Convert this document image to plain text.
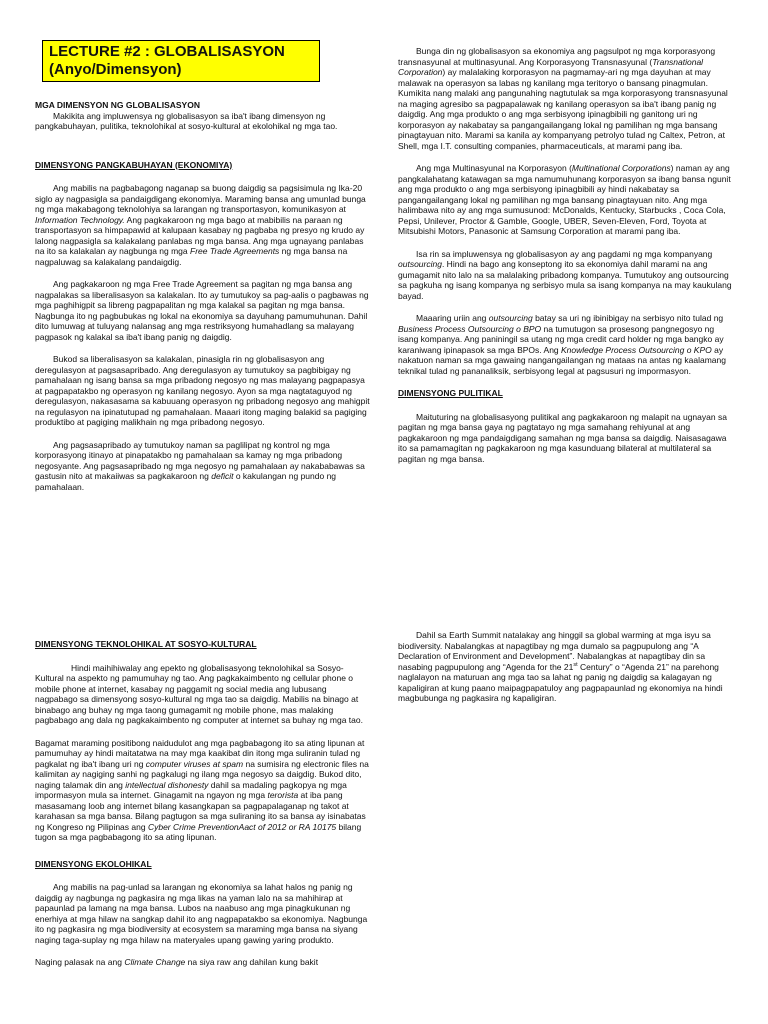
LECTURE #2 : GLOBALISASYON
(Anyo/Dimensyon)
MGA DIMENSYON NG GLOBALISASYON

Makikita ang impluwensya ng globalisasyon sa iba't ibang dimensyon ng pangkabuhayan, pulitika, teknolohikal at sosyo-kultural at ekolohikal ng mga tao.

DIMENSYONG PANGKABUHAYAN (EKONOMIYA)

Ang mabilis na pagbabagong naganap sa buong daigdig sa pagsisimula ng Ika-20 siglo ay nagpasigla sa pandaigdigang ekonomiya. Maraming bansa ang umunlad bunga ng mga makabagong teknolohiya sa larangan ng transportasyon, komunikasyon at Information Technology. Ang pagkakaroon ng mga bago at mabibilis na paraan ng transportasyon sa himpapawid at kalupaan kasabay ng pagbaba ng presyo ng krudo ay lalong nagpasigla sa kalakalang panlabas ng mga bansa. Ang mga ugnayang panlabas na ito sa kalakalan ay nagbunga ng mga Free Trade Agreements ng mga bansa na nagpaluwag sa kalakalang pandaigdig.

Ang pagkakaroon ng mga Free Trade Agreement sa pagitan ng mga bansa ang nagpalakas sa liberalisasyon sa kalakalan. Ito ay tumutukoy sa pag-aalis o pagbawas ng mga paghihigpit sa libreng pagpapalitan ng mga kalakal sa pagitan ng mga bansa. Nagbunga ito ng pagbubukas ng lokal na ekonomiya sa dayuhang pamumuhunan. Dahil dito lumuwag at tuluyang nalansag ang mga restriksyong humahadlang sa malayang pagpasok ng kalakal sa iba't ibang panig ng daigdig.

Bukod sa liberalisasyon sa kalakalan, pinasigla rin ng globalisasyon ang deregulasyon at pagsasapribado. Ang deregulasyon ay tumutukoy sa pagbibigay ng pamahalaan ng isang bansa sa mga pribadong negosyo ng mas malayang pagpapasya at pagpapatakbo ng operasyon ng kanilang negosyo. Ayon sa mga nagtataguyod ng deregulasyon, nakasasama sa kabuuang operasyon ng pribadong negosyo ang mahigpit na regulasyon na ipinatutupad ng pamahalaan. Maaari itong maging balakid sa pagiging produktibo at pagiging malikhain ng mga pribadong negosyo.

Ang pagsasapribado ay tumutukoy naman sa paglilipat ng kontrol ng mga korporasyong itinayo at pinapatakbo ng pamahalaan sa kamay ng mga pribadong negosyante. Ang pagsasapribado ng mga negosyo ng pamahalaan ay nakababawas sa gastusin nito at makaiiwas sa pagkakaroon ng deficit o kakulangan ng pundo ng pamahalaan.

Bunga din ng globalisasyon sa ekonomiya ang pagsulpot ng mga korporasyong transnasyunal at multinasyunal. Ang Korporasyong Transnasyunal (Transnational Corporation) ay malalaking korporasyon na pagmamay-ari ng mga dayuhan at may malawak na operasyon sa labas ng kanilang mga teritoryo o bansang pinagmulan. Kumikita nang malaki ang pangunahing nagtutulak sa mga korporasyong transnasyunal na maging agresibo sa pagpapalawak ng kanilang operasyon sa iba't ibang panig ng daigdig. Ang mga produkto o ang mga serbisyong ipinagbibili ng ganitong uri ng korporasyon ay nakabatay sa pangangailangang lokal ng pamilihan ng mga bansang pinagtayuan nito. Marami sa kanila ay kompanyang petrolyo tulad ng Caltex, Petron, at Shell, mga I.T. consulting companies, pharmaceuticals, at marami pang iba.

Ang mga Multinasyunal na Korporasyon (Multinational Corporations) naman ay ang pangkalahatang katawagan sa mga namumuhunang korporasyon sa ibang bansa ngunit ang mga produkto o ang mga serbisyong ipinagbibili ay hindi nakabatay sa pangangailangang lokal ng pamilihan ng mga bansang pinagtayuan nito. Ang mga halimbawa nito ay ang mga sumusunod: McDonalds, Kentucky, Starbucks , Coca Cola, Pepsi, Unilever, Proctor & Gamble, Google, UBER, Seven-Eleven, Ford, Toyota at Mitsubishi Motors, Panasonic at Samsung Corporation at marami pang iba.

Isa rin sa impluwensya ng globalisasyon ay ang pagdami ng mga kompanyang outsourcing. Hindi na bago ang konseptong ito sa ekonomiya dahil marami na ang gumagamit nito lalo na sa malalaking pribadong kompanya. Tumutukoy ang outsourcing sa pagkuha ng isang kompanya ng serbisyo mula sa isang kompanya na may kaukulang bayad.

Maaaring uriin ang outsourcing batay sa uri ng ibinibigay na serbisyo nito tulad ng Business Process Outsourcing o BPO na tumutugon sa prosesong pangnegosyo ng isang kompanya. Ang paniningil sa utang ng mga credit card holder ng mga bangko ay karaniwang ipinapasok sa mga BPOs. Ang Knowledge Process Outsourcing o KPO ay nakatuon naman sa mga gawaing nangangailangan ng mataas na antas ng kaalamang teknikal tulad ng pananaliksik, serbisyong legal at pagsusuri ng impormasyon.

DIMENSYONG PULITIKAL

Maituturing na globalisasyong pulitikal ang pagkakaroon ng malapit na ugnayan sa pagitan ng mga bansa gaya ng pagtatayo ng mga samahang rehiyunal at ang pagkakaroon ng mga pandaigdigang samahan ng mga bansa sa daigdig. Naisasagawa ito sa pamamagitan ng pagkakaroon ng mga kasunduang bilateral at multilateral sa pagitan ng mga bansa.

DIMENSYONG TEKNOLOHIKAL AT SOSYO-KULTURAL

Hindi maihihiwalay ang epekto ng globalisasyong teknolohikal sa Sosyo-Kultural na aspekto ng pamumuhay ng tao. Ang pagkakaimbento ng cellular phone o mobile phone at internet, kasabay ng paggamit ng social media ang lubusang nagpabago sa dimensyong sosyo-kultural ng mga tao sa daigdig. Mabilis na binago at binabago ang buhay ng mga taong gumagamit ng mobile phone, mas malaking pagbabago ang dala ng pagkakaimbento ng computer at internet sa buhay ng mga tao.

Bagamat maraming positibong naidudulot ang mga pagbabagong ito sa ating lipunan at pamumuhay ay hindi maitatatwa na may mga kaakibat din itong mga suliranin tulad ng pagkalat ng iba't ibang uri ng computer viruses at spam na sumisira ng electronic files na kalimitan ay nagiging sanhi ng pagkalugi ng ilang mga negosyo sa daigdig. Bukod dito, naging talamak din ang intellectual dishonesty dahil sa madaling pagkopya ng mga impormasyon mula sa internet. Ginagamit na ngayon ng mga terorista at iba pang masasamang loob ang internet bilang kasangkapan sa pagpapalaganap ng takot at karahasan sa mga bansa. Bilang pagtugon sa mga suliraning ito sa bansa ay isinabatas ng Kongreso ng Pilipinas ang Cyber Crime PreventionAact of 2012 or RA 10175 bilang tugon sa mga pagbabagong ito sa ating lipunan.

DIMENSYONG EKOLOHIKAL

Ang mabilis na pag-unlad sa larangan ng ekonomiya sa lahat halos ng panig ng daigdig ay nagbunga ng pagkasira ng mga likas na yaman lalo na sa mahihirap at papaunlad pa lamang na mga bansa. Lubos na naabuso ang mga pinagkukunan ng enerhiya at mga hilaw na sangkap dahil ito ang nagpapatakbo sa ekonomiya. Nagbunga ito ng pagkasira ng mga biodiversity at ecosystem sa maraming mga bansa na siyang naging taga-suplay ng mga hilaw na materyales upang gawing yaring produkto.

Naging palasak na ang Climate Change na siya raw ang dahilan kung bakit

Dahil sa Earth Summit natalakay ang hinggil sa global warming at mga isyu sa biodiversity. Nabalangkas at napagtibay ng mga dumalo sa pagpupulong ang “A Declaration of Environment and Development”. Nabalangkas at napagtibay din sa nasabing pagpupulong ang “Agenda for the 21st Century” o “Agenda 21” na parehong naglalayon na maturuan ang mga tao sa lahat ng panig ng daigdig sa kalagayan ng kapaligiran at kung paano maipagpapatuloy ang pagpapaunlad ng ekonomiya na hindi magbubunga ng pagkasira ng kapaligiran.
